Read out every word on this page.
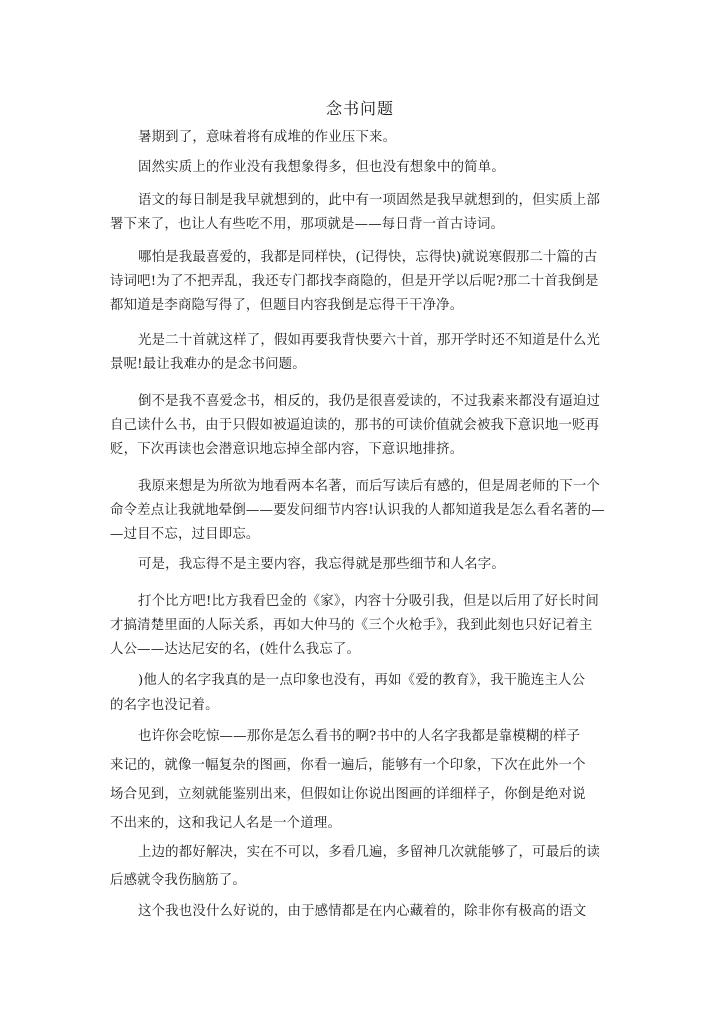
念书问题
暑期到了，意味着将有成堆的作业压下来。
固然实质上的作业没有我想象得多，但也没有想象中的简单。
语文的每日制是我早就想到的，此中有一项固然是我早就想到的，但实质上部
署下来了，也让人有些吃不用，那项就是——每日背一首古诗词。
哪怕是我最喜爱的，我都是同样快，(记得快，忘得快)就说寒假那二十篇的古
诗词吧!为了不把弄乱，我还专门都找李商隐的，但是开学以后呢?那二十首我倒是
都知道是李商隐写得了，但题目内容我倒是忘得干干净净。
光是二十首就这样了，假如再要我背快要六十首，那开学时还不知道是什么光
景呢!最让我难办的是念书问题。
倒不是我不喜爱念书，相反的，我仍是很喜爱读的，不过我素来都没有逼迫过
自己读什么书，由于只假如被逼迫读的，那书的可读价值就会被我下意识地一贬再
贬，下次再读也会潜意识地忘掉全部内容，下意识地排挤。
我原来想是为所欲为地看两本名著，而后写读后有感的，但是周老师的下一个
命令差点让我就地晕倒——要发问细节内容!认识我的人都知道我是怎么看名著的—
—过目不忘，过目即忘。
可是，我忘得不是主要内容，我忘得就是那些细节和人名字。
打个比方吧!比方我看巴金的《家》，内容十分吸引我，但是以后用了好长时间
才搞清楚里面的人际关系，再如大仲马的《三个火枪手》，我到此刻也只好记着主
人公——达达尼安的名，(姓什么我忘了。
)他人的名字我真的是一点印象也没有，再如《爱的教育》，我干脆连主人公
的名字也没记着。
也许你会吃惊——那你是怎么看书的啊?书中的人名字我都是靠模糊的样子
来记的，就像一幅复杂的图画，你看一遍后，能够有一个印象，下次在此外一个
场合见到，立刻就能鉴别出来，但假如让你说出图画的详细样子，你倒是绝对说
不出来的，这和我记人名是一个道理。
上边的都好解决，实在不可以，多看几遍，多留神几次就能够了，可最后的读
后感就令我伤脑筋了。
这个我也没什么好说的，由于感情都是在内心藏着的，除非你有极高的语文
